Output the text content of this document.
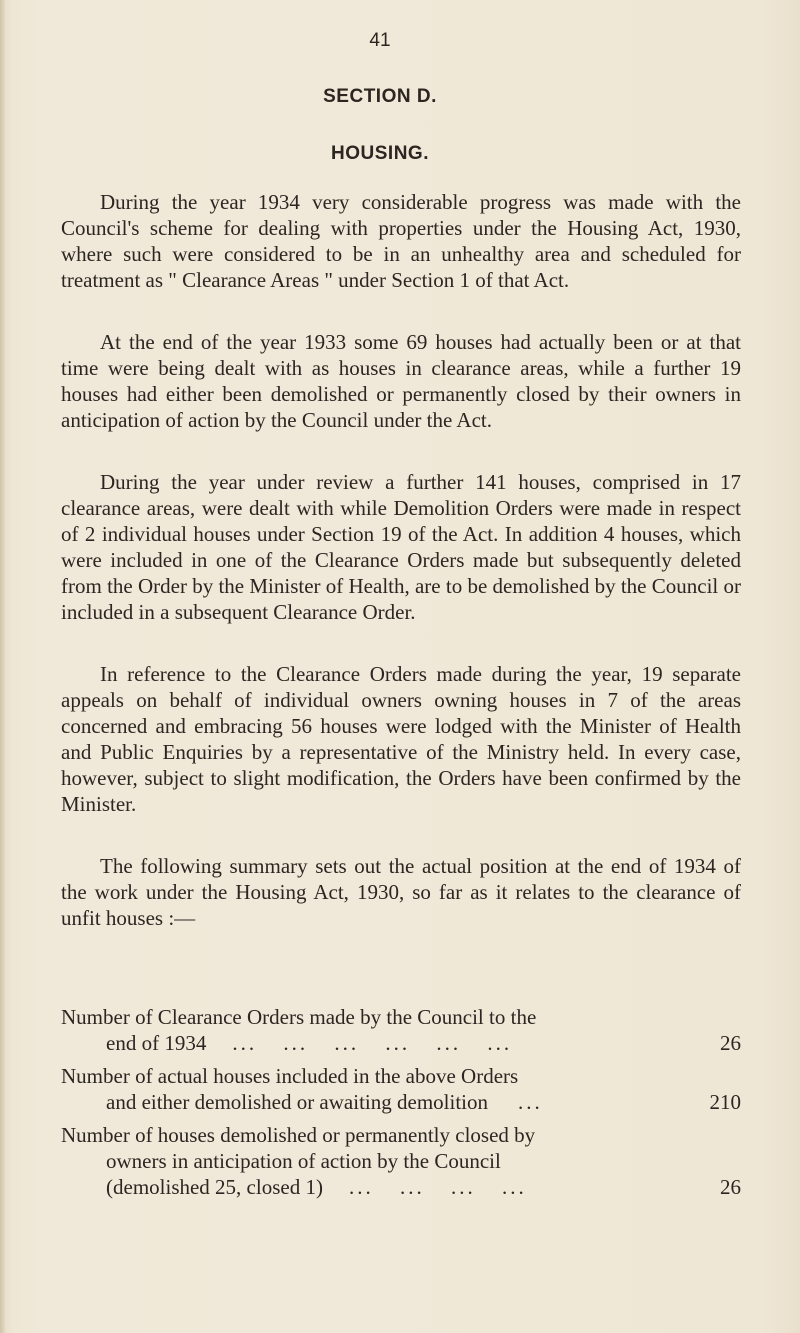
41
SECTION D.
HOUSING.

During the year 1934 very considerable progress was made with the Council's scheme for dealing with properties under the Housing Act, 1930, where such were considered to be in an unhealthy area and scheduled for treatment as " Clearance Areas " under Section 1 of that Act.

At the end of the year 1933 some 69 houses had actually been or at that time were being dealt with as houses in clearance areas, while a further 19 houses had either been demolished or permanently closed by their owners in anticipation of action by the Council under the Act.

During the year under review a further 141 houses, comprised in 17 clearance areas, were dealt with while Demolition Orders were made in respect of 2 individual houses under Section 19 of the Act. In addition 4 houses, which were included in one of the Clearance Orders made but subsequently deleted from the Order by the Minister of Health, are to be demolished by the Council or included in a subsequent Clearance Order.

In reference to the Clearance Orders made during the year, 19 separate appeals on behalf of individual owners owning houses in 7 of the areas concerned and embracing 56 houses were lodged with the Minister of Health and Public Enquiries by a representative of the Ministry held. In every case, however, subject to slight modification, the Orders have been confirmed by the Minister.

The following summary sets out the actual position at the end of 1934 of the work under the Housing Act, 1930, so far as it relates to the clearance of unfit houses :—

Number of Clearance Orders made by the Council to the
end of 1934	... ... ... ... ... ...	26
Number of actual houses included in the above Orders
and either demolished or awaiting demolition	...	210
Number of houses demolished or permanently closed by
owners in anticipation of action by the Council
(demolished 25, closed 1)	... ... ... ...	26
